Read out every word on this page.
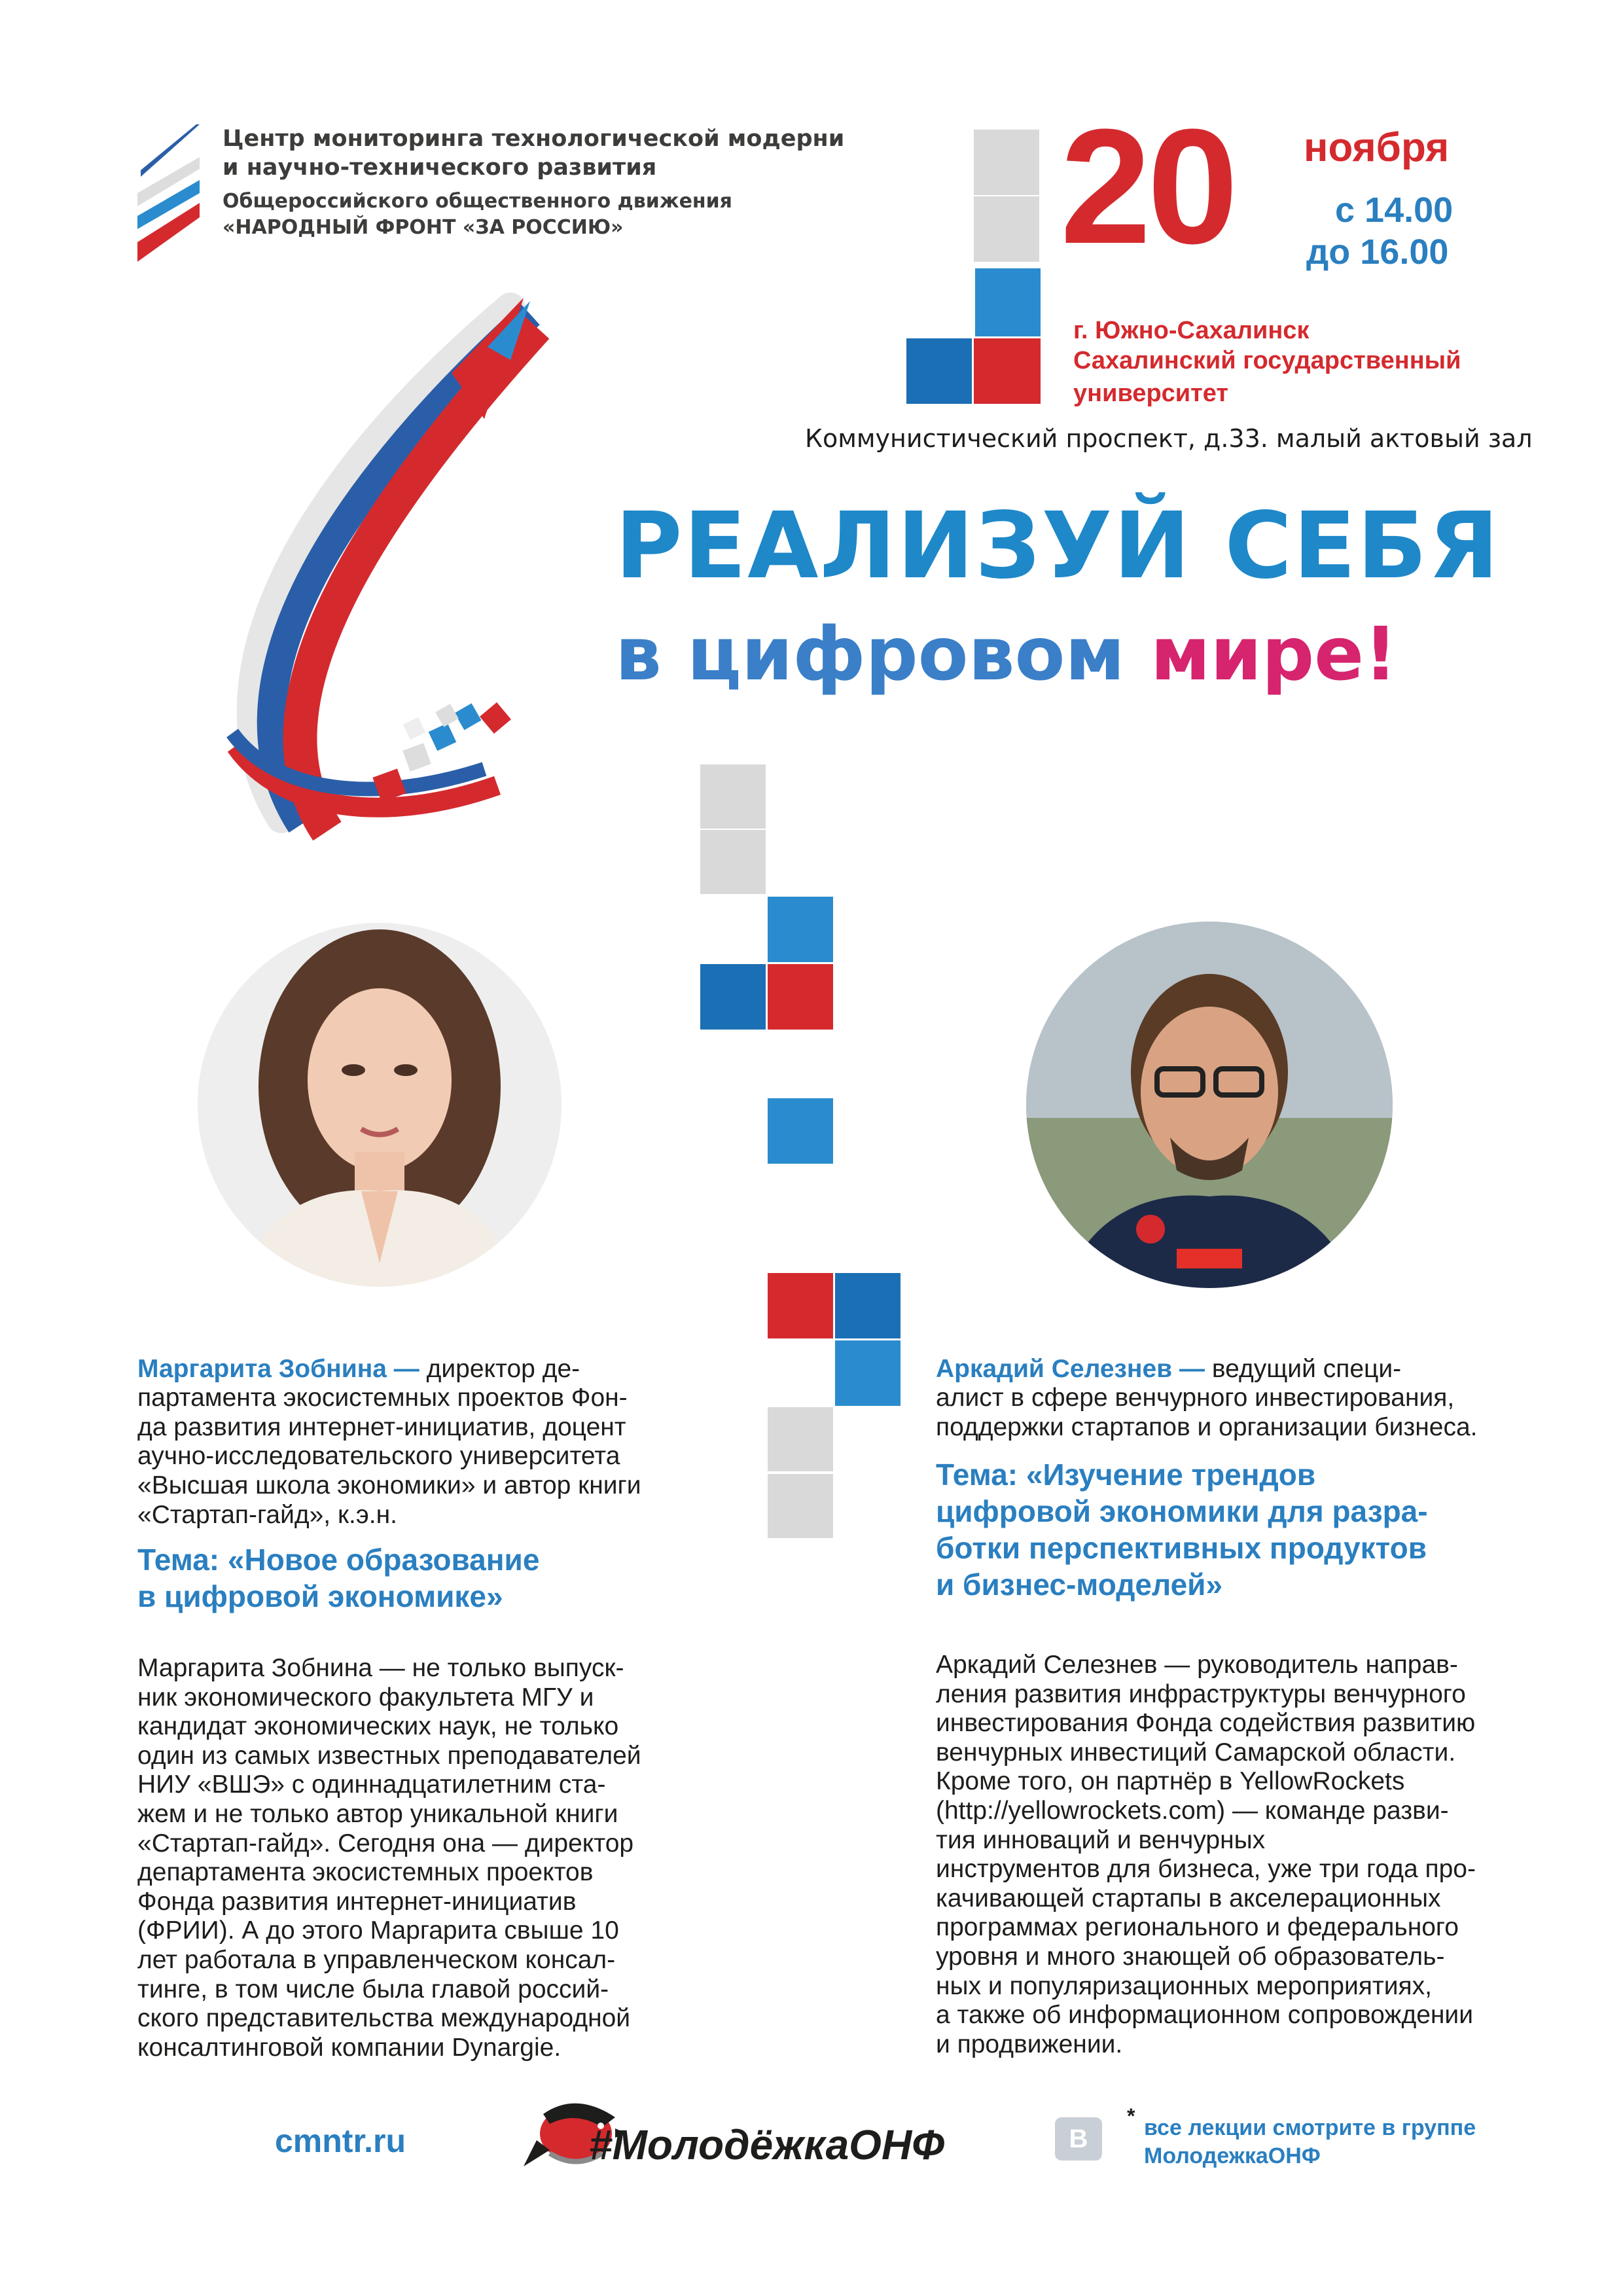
Центр мониторинга технологической модерни
и научно-технического развития
Общероссийского общественного движения
«НАРОДНЫЙ ФРОНТ «ЗА РОССИЮ»	20 ноября
с 14.00
до 16.00
г. Южно-Сахалинск
Сахалинский государственный
университет
Коммунистический проспект, д.33. малый актовый зал
РЕАЛИЗУЙ СЕБЯ
в цифровом мире!

Маргарита Зобнина — директор де-
партамента экосистемных проектов Фон-
да развития интернет-инициатив, доцент
аучно-исследовательского университета
«Высшая школа экономики» и автор книги
«Стартап-гайд», к.э.н.

Тема: «Новое образование
в цифровой экономике»
Маргарита Зобнина — не только выпуск-
ник экономического факультета МГУ и
кандидат экономических наук, не только
один из самых известных преподавателей
НИУ «ВШЭ» с одиннадцатилетним ста-
жем и не только автор уникальной книги
«Стартап-гайд». Сегодня она — директор
департамента экосистемных проектов
Фонда развития интернет-инициатив
(ФРИИ). А до этого Маргарита свыше 10
лет работала в управленческом консал-
тинге, в том числе была главой россий-
ского представительства международной
консалтинговой компании Dynargie.

Аркадий Селезнев — ведущий специ-
алист в сфере венчурного инвестирования,
поддержки стартапов и организации бизнеса.

Тема: «Изучение трендов
цифровой экономики для разра-
ботки перспективных продуктов
и бизнес-моделей»
Аркадий Селезнев — руководитель направ-
ления развития инфраструктуры венчурного
инвестирования Фонда содействия развитию
венчурных инвестиций Самарской области.
Кроме того, он партнёр в YellowRockets
(http://yellowrockets.com) — команде разви-
тия инноваций и венчурных
инструментов для бизнеса, уже три года про-
качивающей стартапы в акселерационных
программах регионального и федерального
уровня и много знающей об образователь-
ных и популяризационных мероприятиях,
а также об информационном сопровождении
и продвижении.
cmntr.ru	#МолодёжкаОНФ	В
* все лекции смотрите в группе
МолодежкаОНФ
